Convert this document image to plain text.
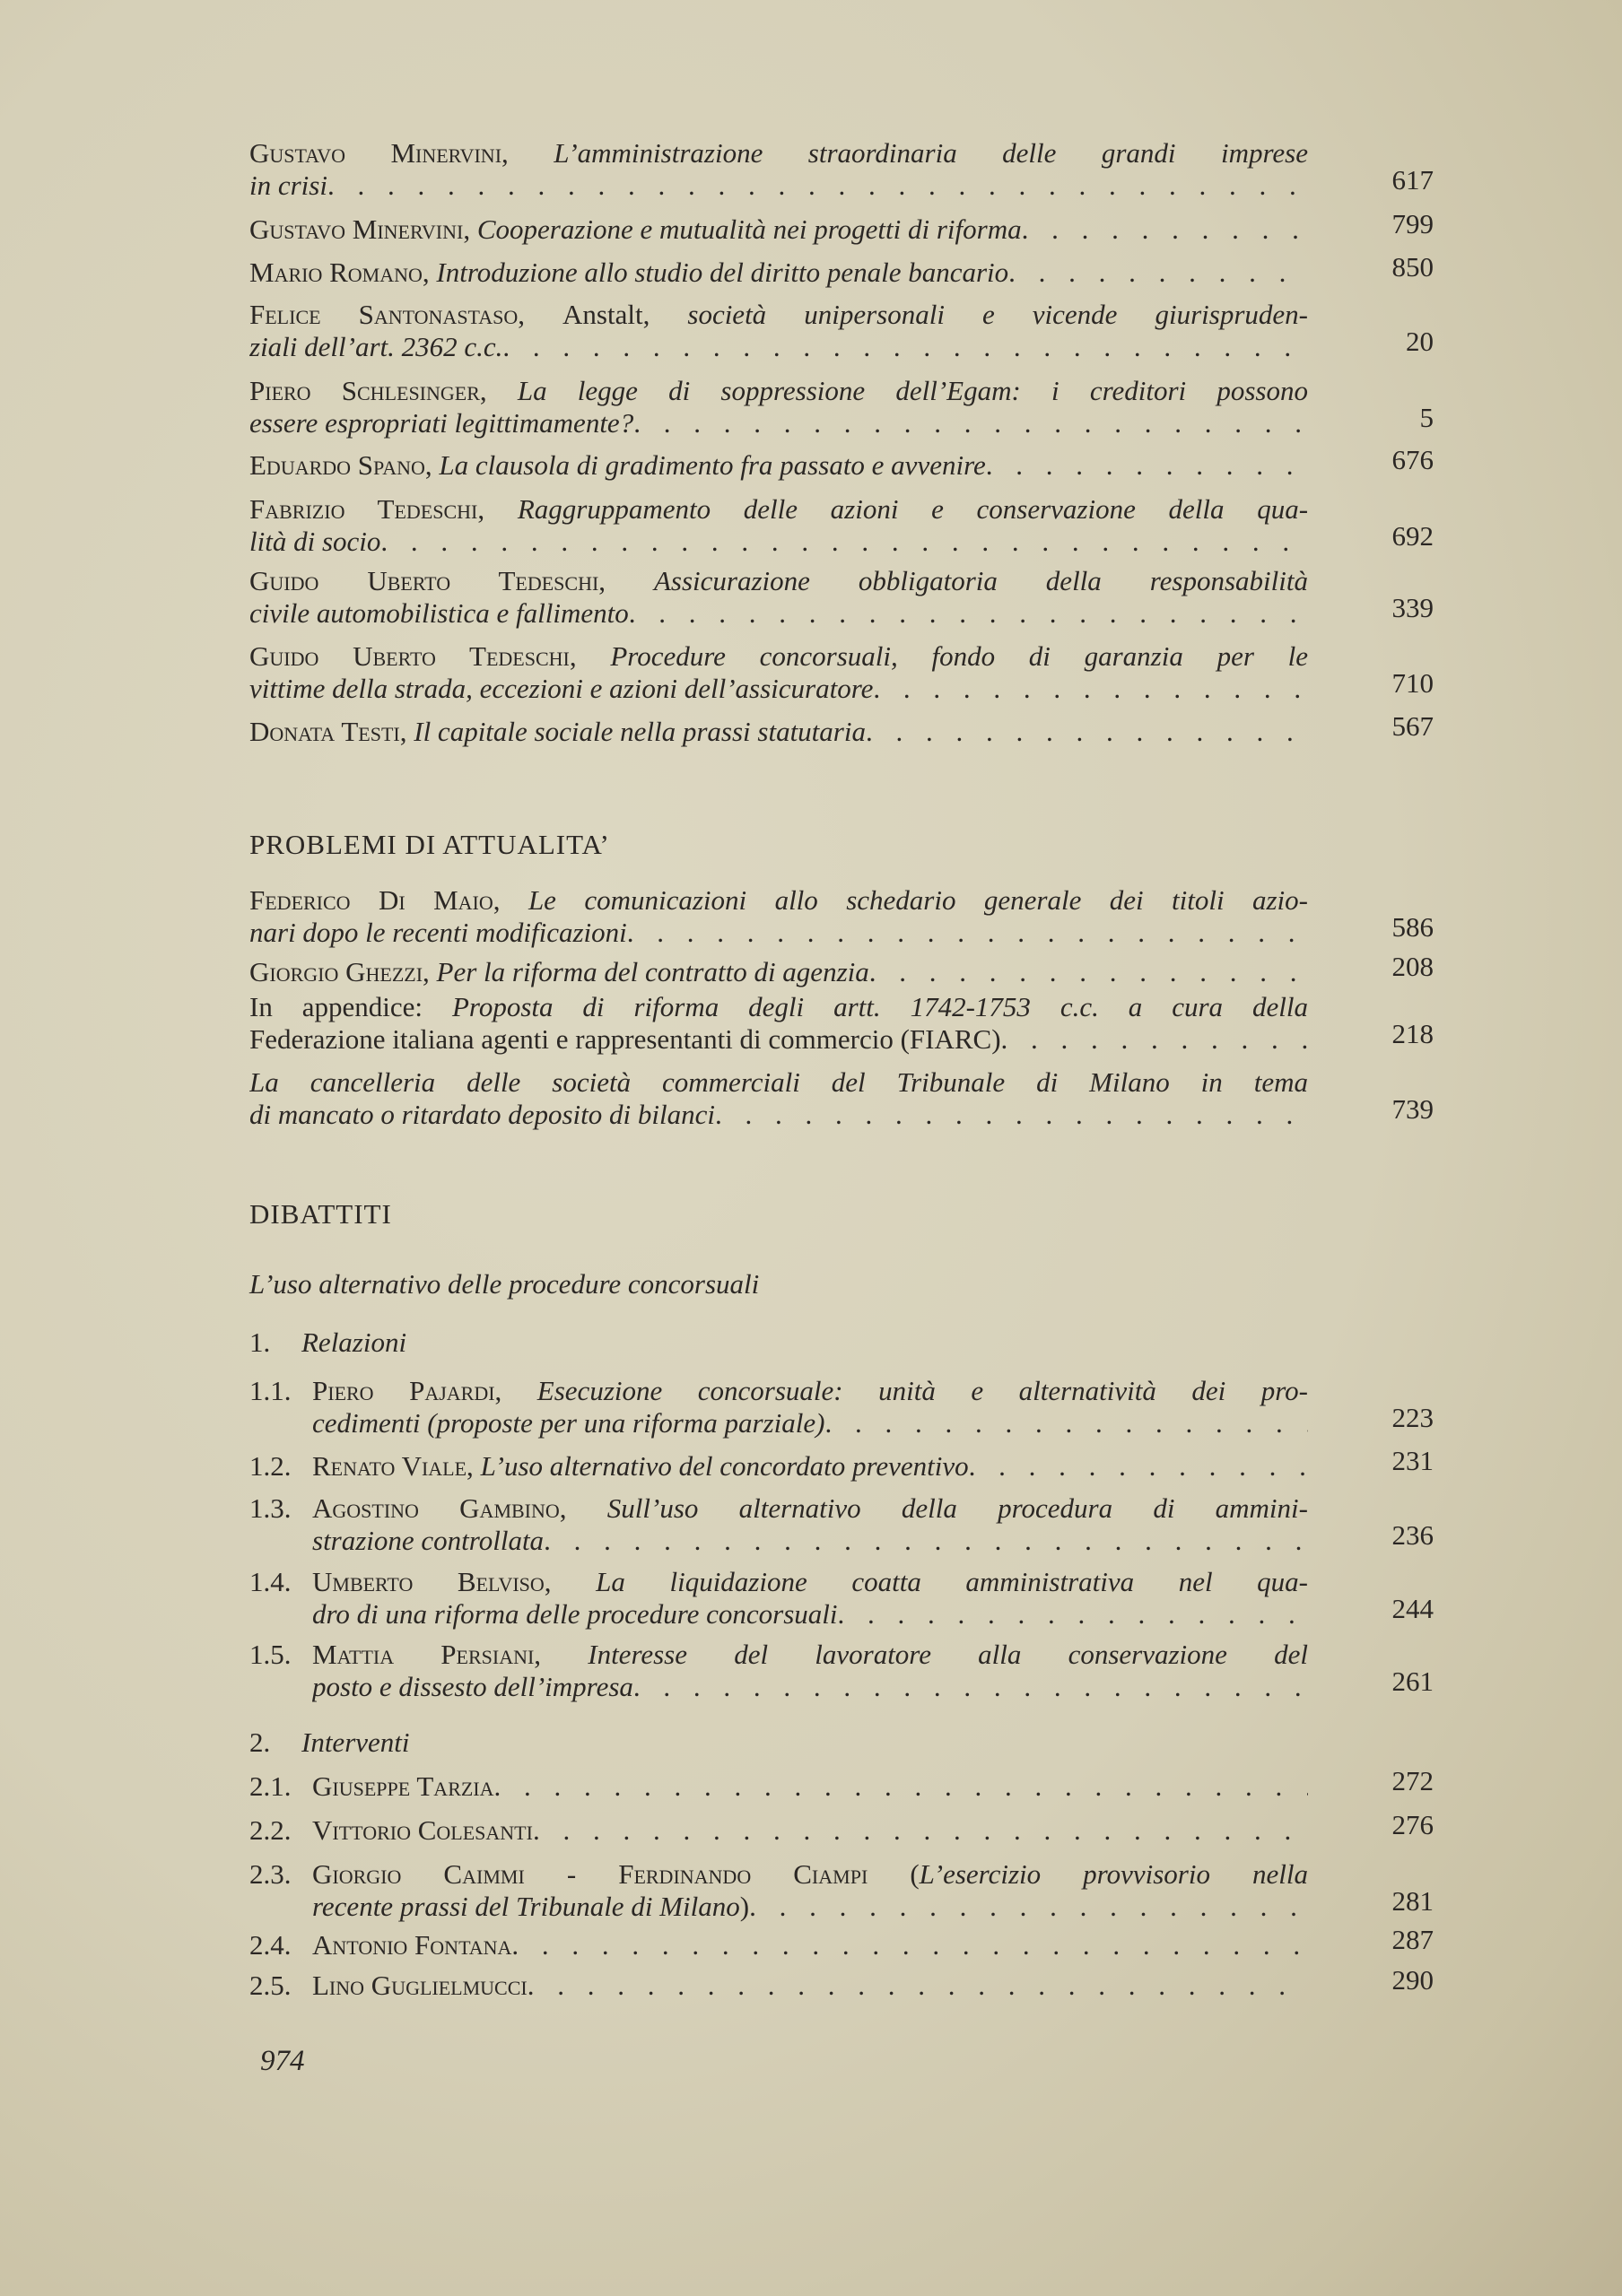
Gustavo Minervini, L’amministrazione straordinaria delle grandi imprese
in crisi . . .	617
Gustavo Minervini, Cooperazione e mutualità nei progetti di riforma . . .	799
Mario Romano, Introduzione allo studio del diritto penale bancario . . .	850
Felice Santonastaso, Anstalt, società unipersonali e vicende giurispruden-
ziali dell’art. 2362 c.c. . . .	20
Piero Schlesinger, La legge di soppressione dell’Egam: i creditori possono
essere espropriati legittimamente? . . .	5
Eduardo Spano, La clausola di gradimento fra passato e avvenire . . .	676
Fabrizio Tedeschi, Raggruppamento delle azioni e conservazione della qua-
lità di socio . . .	692
Guido Uberto Tedeschi, Assicurazione obbligatoria della responsabilità
civile automobilistica e fallimento . . .	339
Guido Uberto Tedeschi, Procedure concorsuali, fondo di garanzia per le
vittime della strada, eccezioni e azioni dell’assicuratore . . .	710
Donata Testi, Il capitale sociale nella prassi statutaria . . .	567
PROBLEMI DI ATTUALITA’
Federico Di Maio, Le comunicazioni allo schedario generale dei titoli azio-
nari dopo le recenti modificazioni . . .	586
Giorgio Ghezzi, Per la riforma del contratto di agenzia . . .	208
In appendice: Proposta di riforma degli artt. 1742-1753 c.c. a cura della
Federazione italiana agenti e rappresentanti di commercio (FIARC) . . .	218
La cancelleria delle società commerciali del Tribunale di Milano in tema
di mancato o ritardato deposito di bilanci . . .	739
DIBATTITI
L’uso alternativo delle procedure concorsuali
1.	Relazioni
1.1. Piero Pajardi, Esecuzione concorsuale: unità e alternatività dei pro-
cedimenti (proposte per una riforma parziale) . . .	223
1.2. Renato Viale, L’uso alternativo del concordato preventivo . . .	231
1.3. Agostino Gambino, Sull’uso alternativo della procedura di ammini-
strazione controllata . . .	236
1.4. Umberto Belviso, La liquidazione coatta amministrativa nel qua-
dro di una riforma delle procedure concorsuali . . .	244
1.5. Mattia Persiani, Interesse del lavoratore alla conservazione del
posto e dissesto dell’impresa . . .	261
2.	Interventi
2.1. Giuseppe Tarzia . . .	272
2.2. Vittorio Colesanti . . .	276
2.3. Giorgio Caimmi - Ferdinando Ciampi (L’esercizio provvisorio nella
recente prassi del Tribunale di Milano) . . .	281
2.4. Antonio Fontana . . .	287
2.5. Lino Guglielmucci . . .	290
974
